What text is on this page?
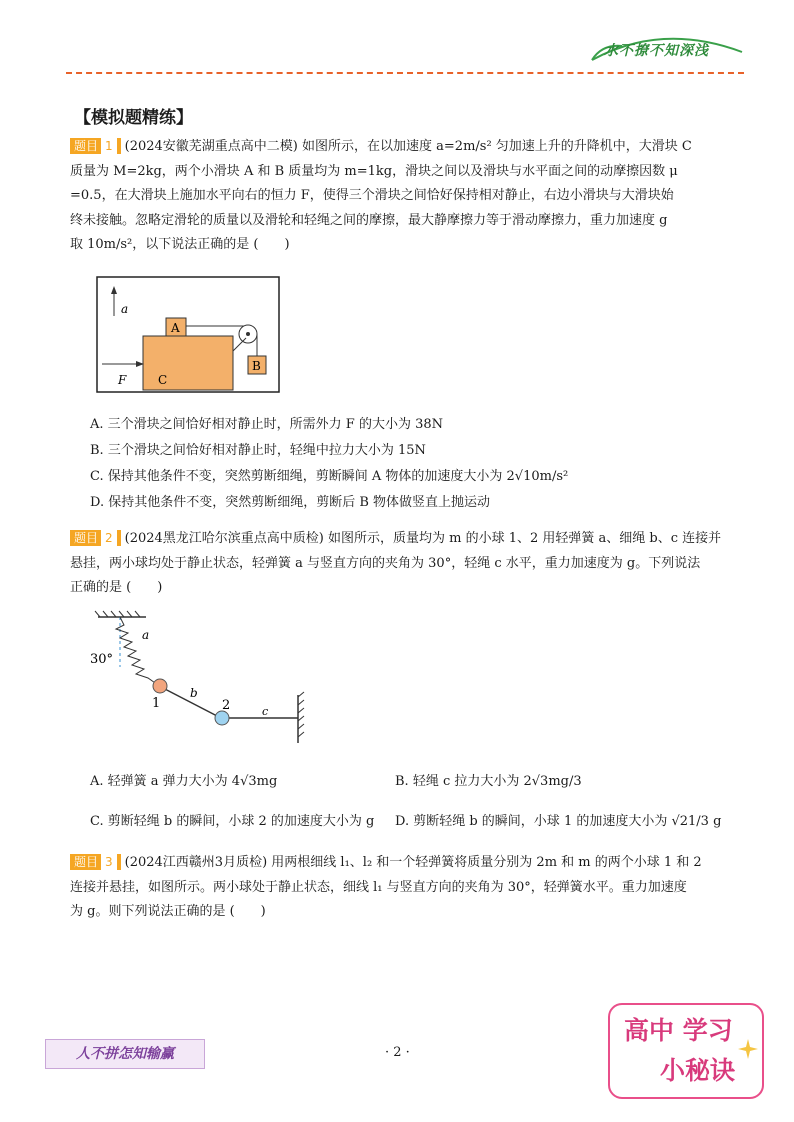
水不撩不知深浅
【模拟题精练】
题目 1 (2024安徽芜湖重点高中二模) 如图所示，在以加速度 a=2m/s² 匀加速上升的升降机中，大滑块 C
质量为 M=2kg，两个小滑块 A 和 B 质量均为 m=1kg，滑块之间以及滑块与水平面之间的动摩擦因数 μ
=0.5，在大滑块上施加水平向右的恒力 F，使得三个滑块之间恰好保持相对静止，右边小滑块与大滑块始
终未接触。忽略定滑轮的质量以及滑轮和轻绳之间的摩擦，最大静摩擦力等于滑动摩擦力，重力加速度 g
取 10m/s²，以下说法正确的是 (　　)
a
A
B
C
F
A. 三个滑块之间恰好相对静止时，所需外力 F 的大小为 38N
B. 三个滑块之间恰好相对静止时，轻绳中拉力大小为 15N
C. 保持其他条件不变，突然剪断细绳，剪断瞬间 A 物体的加速度大小为 2√10m/s²
D. 保持其他条件不变，突然剪断细绳，剪断后 B 物体做竖直上抛运动
题目 2 (2024黑龙江哈尔滨重点高中质检) 如图所示，质量均为 m 的小球 1、2 用轻弹簧 a、细绳 b、c 连接并
悬挂，两小球均处于静止状态，轻弹簧 a 与竖直方向的夹角为 30°，轻绳 c 水平，重力加速度为 g。下列说法
正确的是 (　　)
30°
a
b
c
1	2
A. 轻弹簧 a 弹力大小为 4√3mg	B. 轻绳 c 拉力大小为 2√3mg/3
C. 剪断轻绳 b 的瞬间，小球 2 的加速度大小为 g D. 剪断轻绳 b 的瞬间，小球 1 的加速度大小为 √21/3 g
题目 3 (2024江西赣州3月质检) 用两根细线 l₁、l₂ 和一个轻弹簧将质量分别为 2m 和 m 的两个小球 1 和 2
连接并悬挂，如图所示。两小球处于静止状态，细线 l₁ 与竖直方向的夹角为 30°，轻弹簧水平。重力加速度
为 g。则下列说法正确的是 (　　)
人不拼怎知输赢	· 2 ·
高中 学习
小秘诀
